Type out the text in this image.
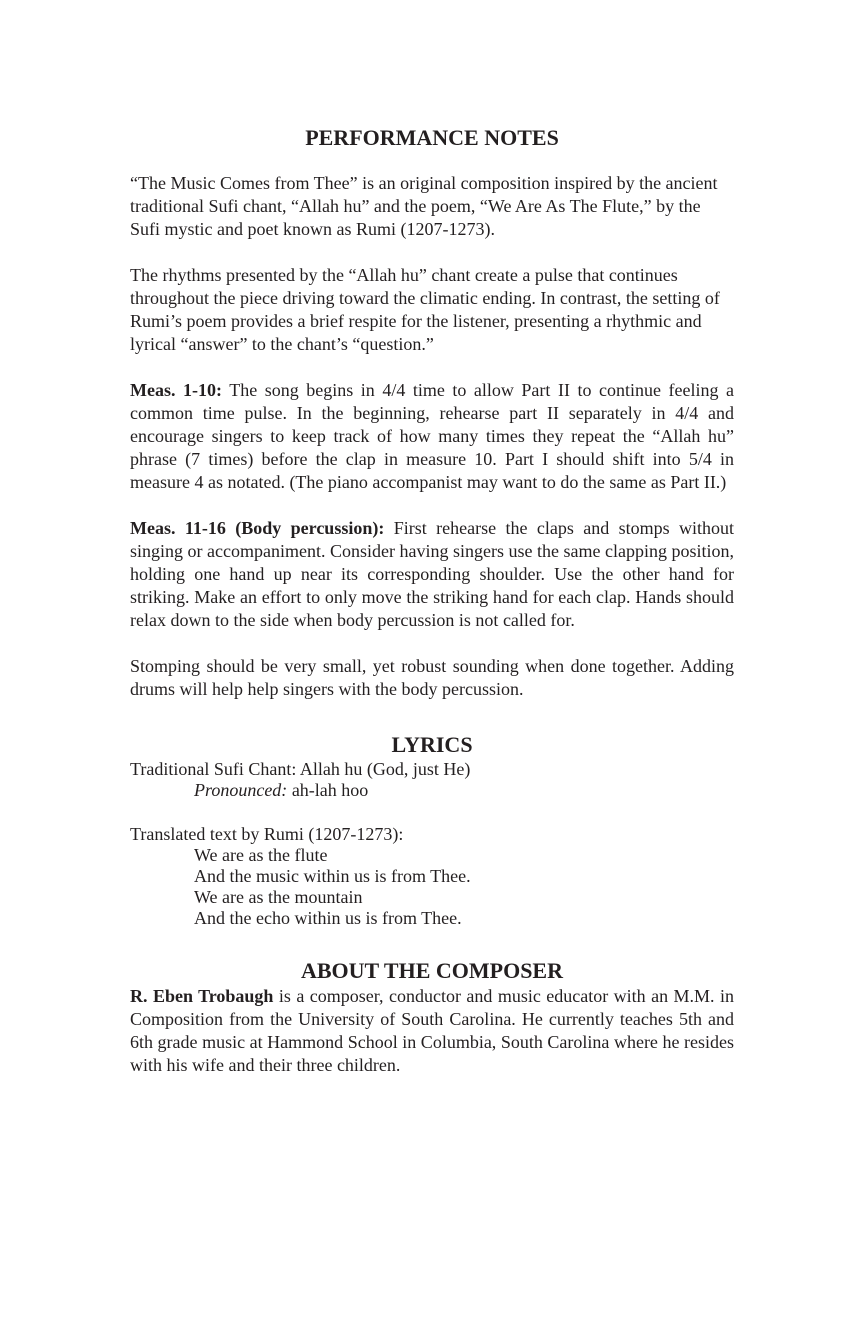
PERFORMANCE NOTES

“The Music Comes from Thee” is an original composition inspired by the ancient traditional Sufi chant, “Allah hu” and the poem, “We Are As The Flute,” by the Sufi mystic and poet known as Rumi (1207-1273).

The rhythms presented by the “Allah hu” chant create a pulse that continues throughout the piece driving toward the climatic ending. In contrast, the setting of Rumi’s poem provides a brief respite for the listener, presenting a rhythmic and lyrical “answer” to the chant’s “question.”

Meas. 1-10: The song begins in 4/4 time to allow Part II to continue feeling a common time pulse. In the beginning, rehearse part II separately in 4/4 and encourage singers to keep track of how many times they repeat the “Allah hu” phrase (7 times) before the clap in measure 10. Part I should shift into 5/4 in measure 4 as notated. (The piano accompanist may want to do the same as Part II.)

Meas. 11-16 (Body percussion): First rehearse the claps and stomps without singing or accompaniment. Consider having singers use the same clapping position, holding one hand up near its corresponding shoulder. Use the other hand for striking. Make an effort to only move the striking hand for each clap. Hands should relax down to the side when body percussion is not called for.

Stomping should be very small, yet robust sounding when done together. Adding drums will help help singers with the body percussion.

LYRICS
Traditional Sufi Chant: Allah hu (God, just He)
Pronounced: ah-lah hoo
Translated text by Rumi (1207-1273):
We are as the flute
And the music within us is from Thee.
We are as the mountain
And the echo within us is from Thee.
ABOUT THE COMPOSER

R. Eben Trobaugh is a composer, conductor and music educator with an M.M. in Composition from the University of South Carolina. He currently teaches 5th and 6th grade music at Hammond School in Columbia, South Carolina where he resides with his wife and their three children.
